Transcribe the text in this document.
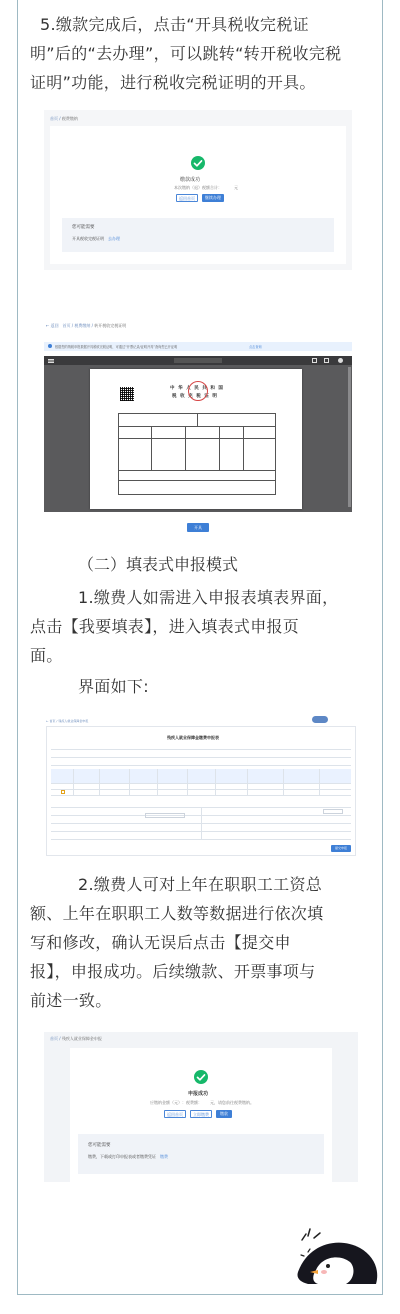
5.缴款完成后，点击“开具税收完税证
明”后的“去办理”，可以跳转“转开税收完税
证明”功能，进行税收完税证明的开具。
首页 / 税费缴纳
缴款成功
本次缴纳（退）税额合计：	元
返回首页	继续办理
您可能需要
开具税收完税证明 去办理
← 返回 首页 / 税费缴纳 / 转开税收完税证明
根据您的纳税申报数据开具税收完税证明，可通过“开票记录/证明开具”查询您已开证明	点击查询
中 华 人 民 共 和 国
税 收 完 税 证 明
开具
（二）填表式申报模式
1.缴费人如需进入申报表填表界面，
点击【我要填表】，进入填表式申报页
面。
界面如下:
← 首页 / 残疾人就业保障金申报
残疾人就业保障金缴费申报表
提交申报
2.缴费人可对上年在职职工工资总
额、上年在职职工人数等数据进行依次填
写和修改，确认无误后点击【提交申
报】，申报成功。后续缴款、开票事项与
前述一致。
首页 / 残疾人就业保障金申报
申报成功
应缴纳金额（元）：税费额： 元，请您前往税费缴纳。
返回首页	立即缴费	缴款
您可能需要
缴费，下载或打印申报表或者缴费凭证 缴费
